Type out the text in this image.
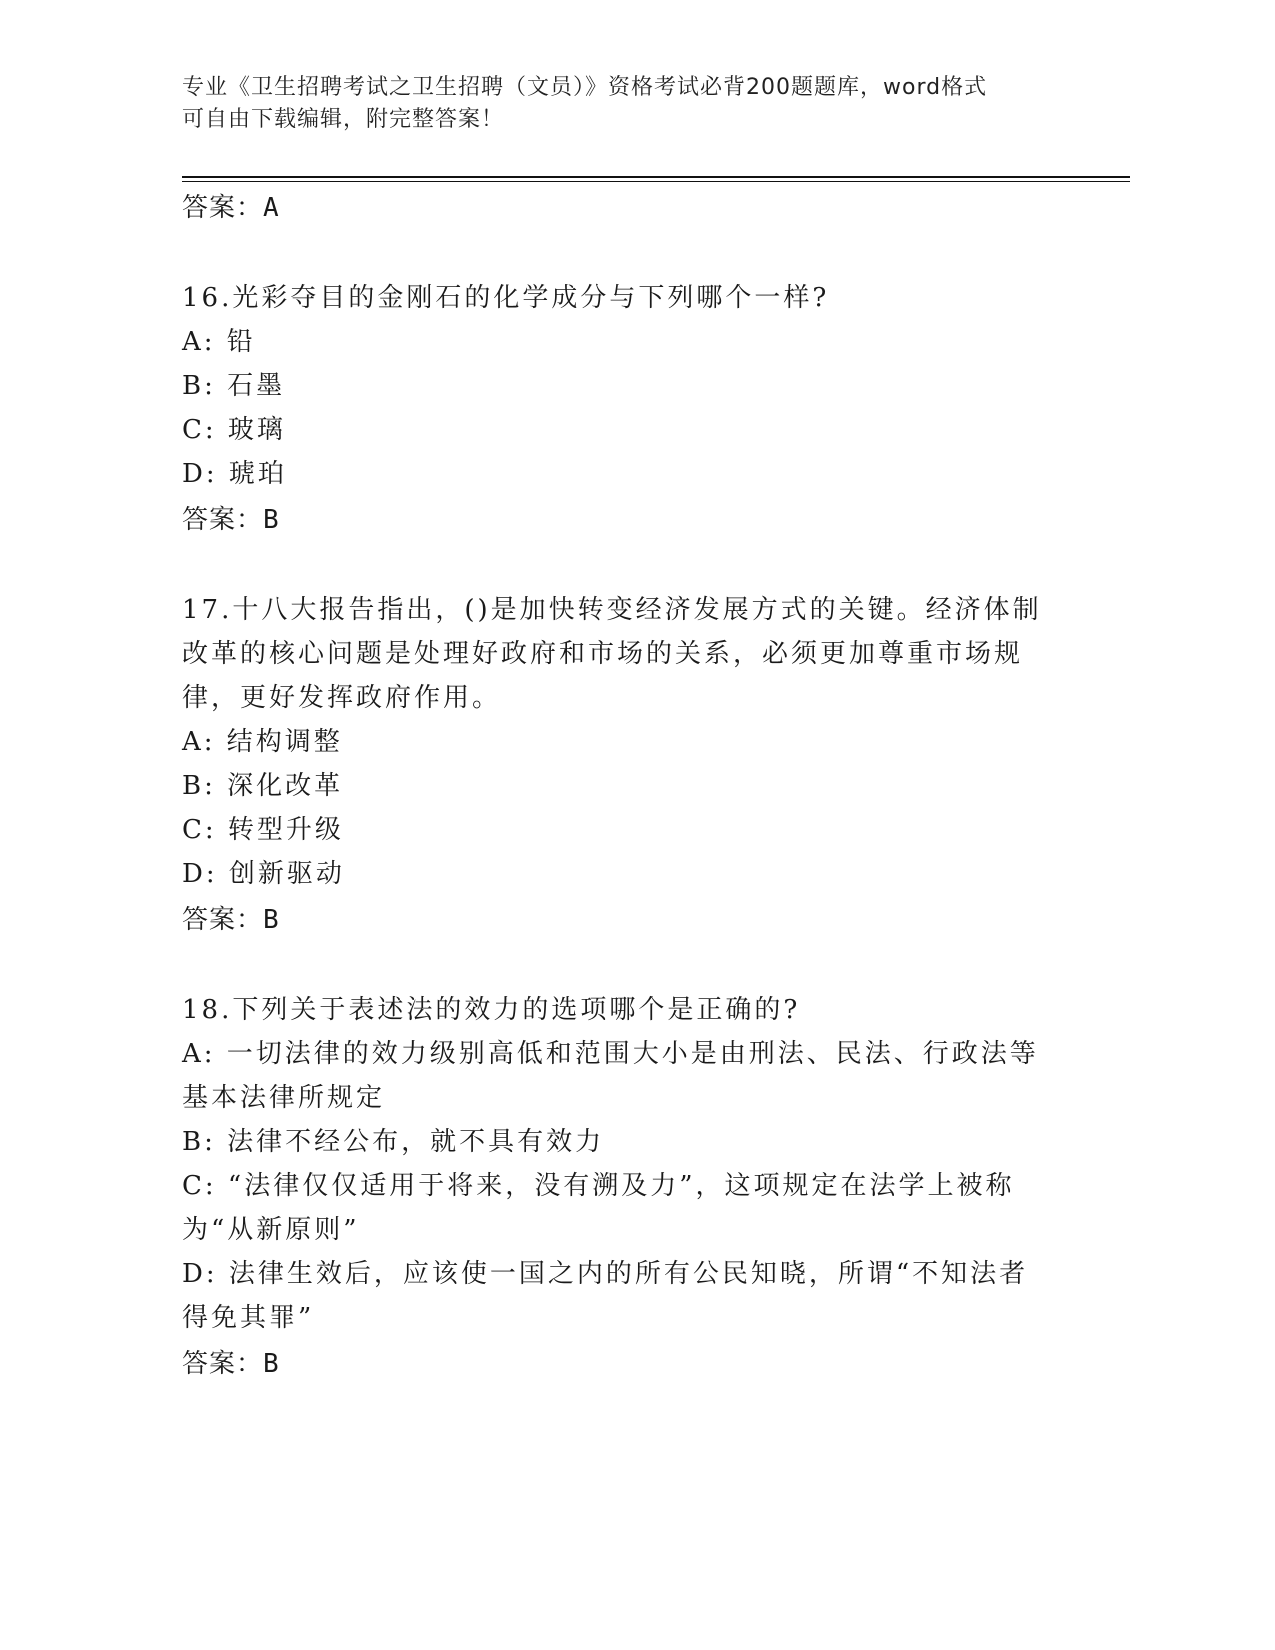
专业《卫生招聘考试之卫生招聘（文员）》资格考试必背200题题库，word格式
可自由下载编辑，附完整答案！

答案：A

16.光彩夺目的金刚石的化学成分与下列哪个一样?

A: 铅

B: 石墨

C: 玻璃

D: 琥珀

答案：B

17.十八大报告指出，()是加快转变经济发展方式的关键。经济体制改革的核心问题是处理好政府和市场的关系，必须更加尊重市场规律，更好发挥政府作用。

A: 结构调整

B: 深化改革

C: 转型升级

D: 创新驱动

答案：B

18.下列关于表述法的效力的选项哪个是正确的?

A: 一切法律的效力级别高低和范围大小是由刑法、民法、行政法等基本法律所规定

B: 法律不经公布，就不具有效力

C: “法律仅仅适用于将来，没有溯及力”，这项规定在法学上被称为“从新原则”

D: 法律生效后，应该使一国之内的所有公民知晓，所谓“不知法者得免其罪”

答案：B
